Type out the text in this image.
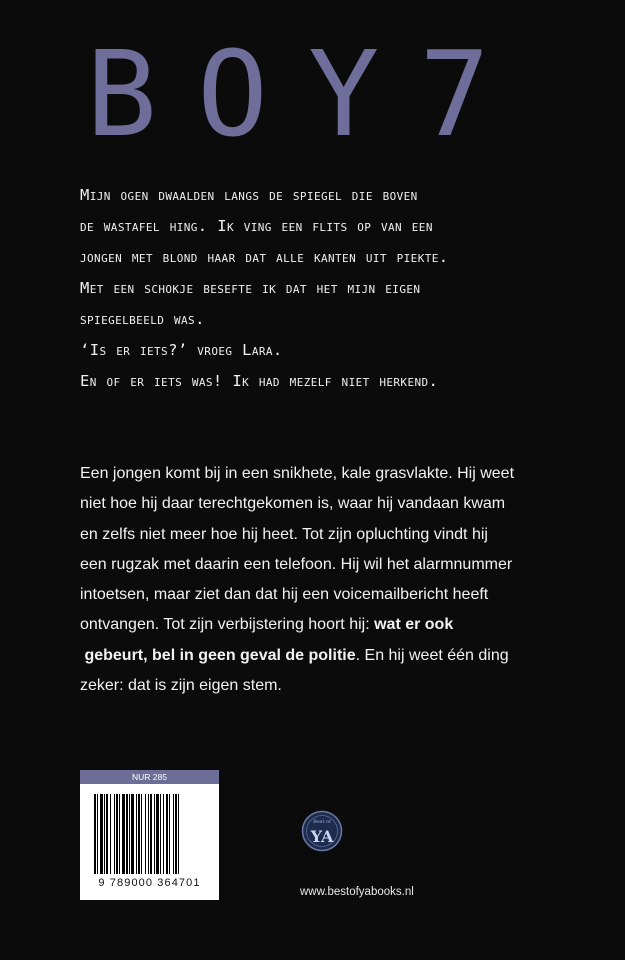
BOY7
Mijn ogen dwaalden langs de spiegel die boven
de wastafel hing. Ik ving een flits op van een
jongen met blond haar dat alle kanten uit piekte.
Met een schokje besefte ik dat het mijn eigen
spiegelbeeld was.
‘Is er iets?’ vroeg Lara.
En of er iets was! Ik had mezelf niet herkend.
Een jongen komt bij in een snikhete, kale grasvlakte. Hij weet
niet hoe hij daar terechtgekomen is, waar hij vandaan kwam
en zelfs niet meer hoe hij heet. Tot zijn opluchting vindt hij
een rugzak met daarin een telefoon. Hij wil het alarmnummer
intoetsen, maar ziet dan dat hij een voicemailbericht heeft
ontvangen. Tot zijn verbijstering hoort hij: wat er ook
gebeurt, bel in geen geval de politie. En hij weet één ding
zeker: dat is zijn eigen stem.
NUR 285
9 789000 364701
Best of
YA
www.bestofyabooks.nl
